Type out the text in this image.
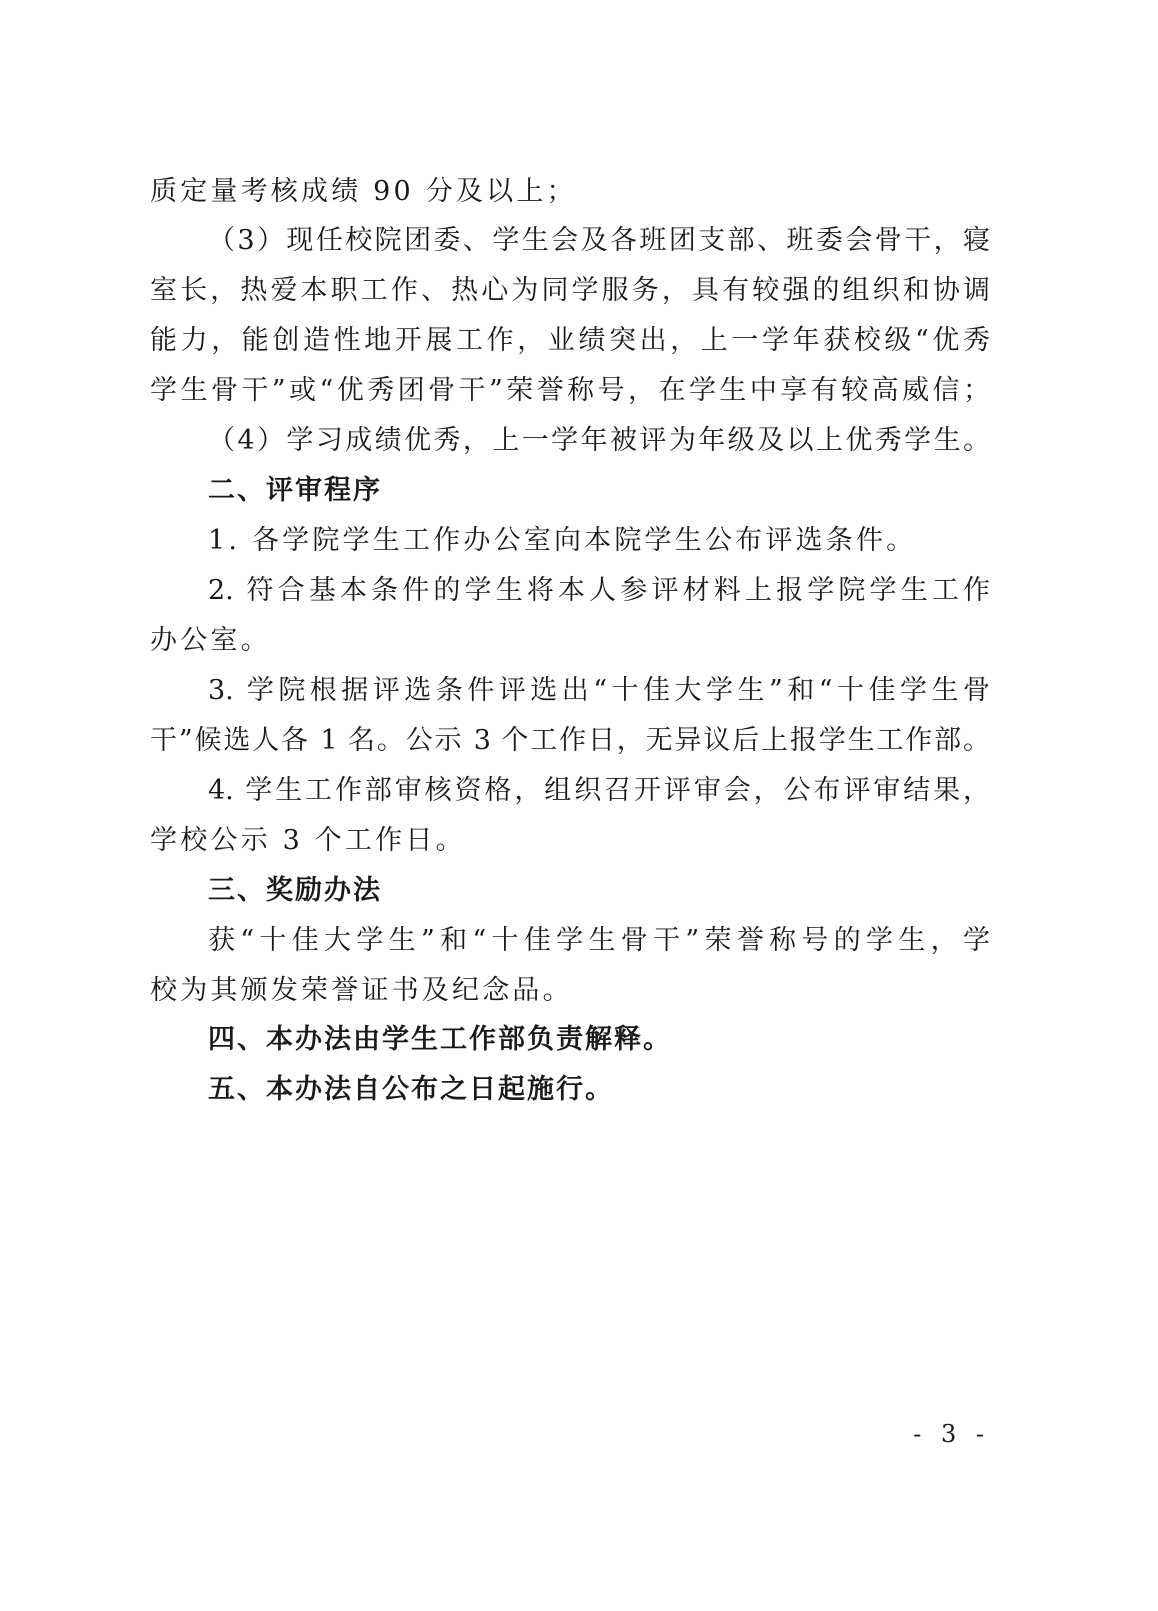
质定量考核成绩 90 分及以上；
（3）现任校院团委、学生会及各班团支部、班委会骨干，寝
室长，热爱本职工作、热心为同学服务，具有较强的组织和协调
能力，能创造性地开展工作，业绩突出，上一学年获校级“优秀
学生骨干”或“优秀团骨干”荣誉称号，在学生中享有较高威信；
（4）学习成绩优秀，上一学年被评为年级及以上优秀学生。
二、评审程序
1. 各学院学生工作办公室向本院学生公布评选条件。
2. 符合基本条件的学生将本人参评材料上报学院学生工作
办公室。
3. 学院根据评选条件评选出“十佳大学生”和“十佳学生骨
干”候选人各 1 名。公示 3 个工作日，无异议后上报学生工作部。
4. 学生工作部审核资格，组织召开评审会，公布评审结果，
学校公示 3 个工作日。
三、奖励办法
获“十佳大学生”和“十佳学生骨干”荣誉称号的学生，学
校为其颁发荣誉证书及纪念品。
四、本办法由学生工作部负责解释。
五、本办法自公布之日起施行。
- 3 -
